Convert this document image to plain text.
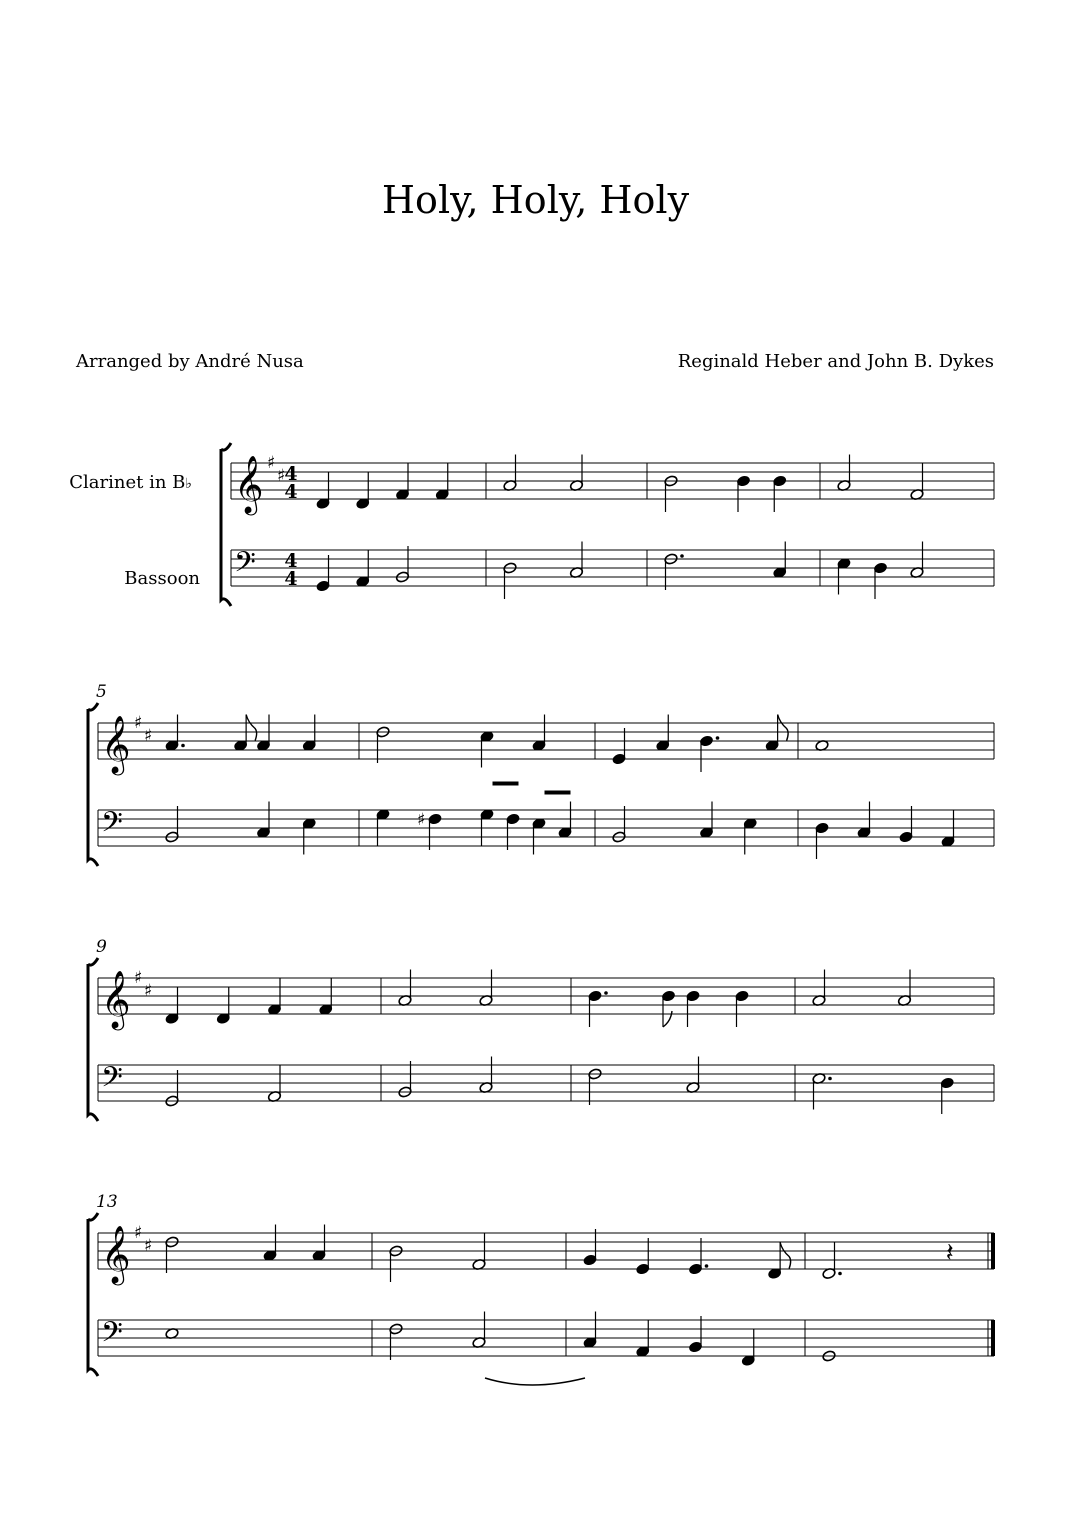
Holy, Holy, Holy
Arranged by André Nusa	Reginald Heber and John B. Dykes
Clarinet in B♭
Bassoon
𝄞 ♯
♯ 4
4
𝄢 4
4
5
𝄞 ♯
♯
𝄢	♯
9
𝄞 ♯
♯
𝄢
13
𝄞 ♯
♯
𝄢
𝄽
